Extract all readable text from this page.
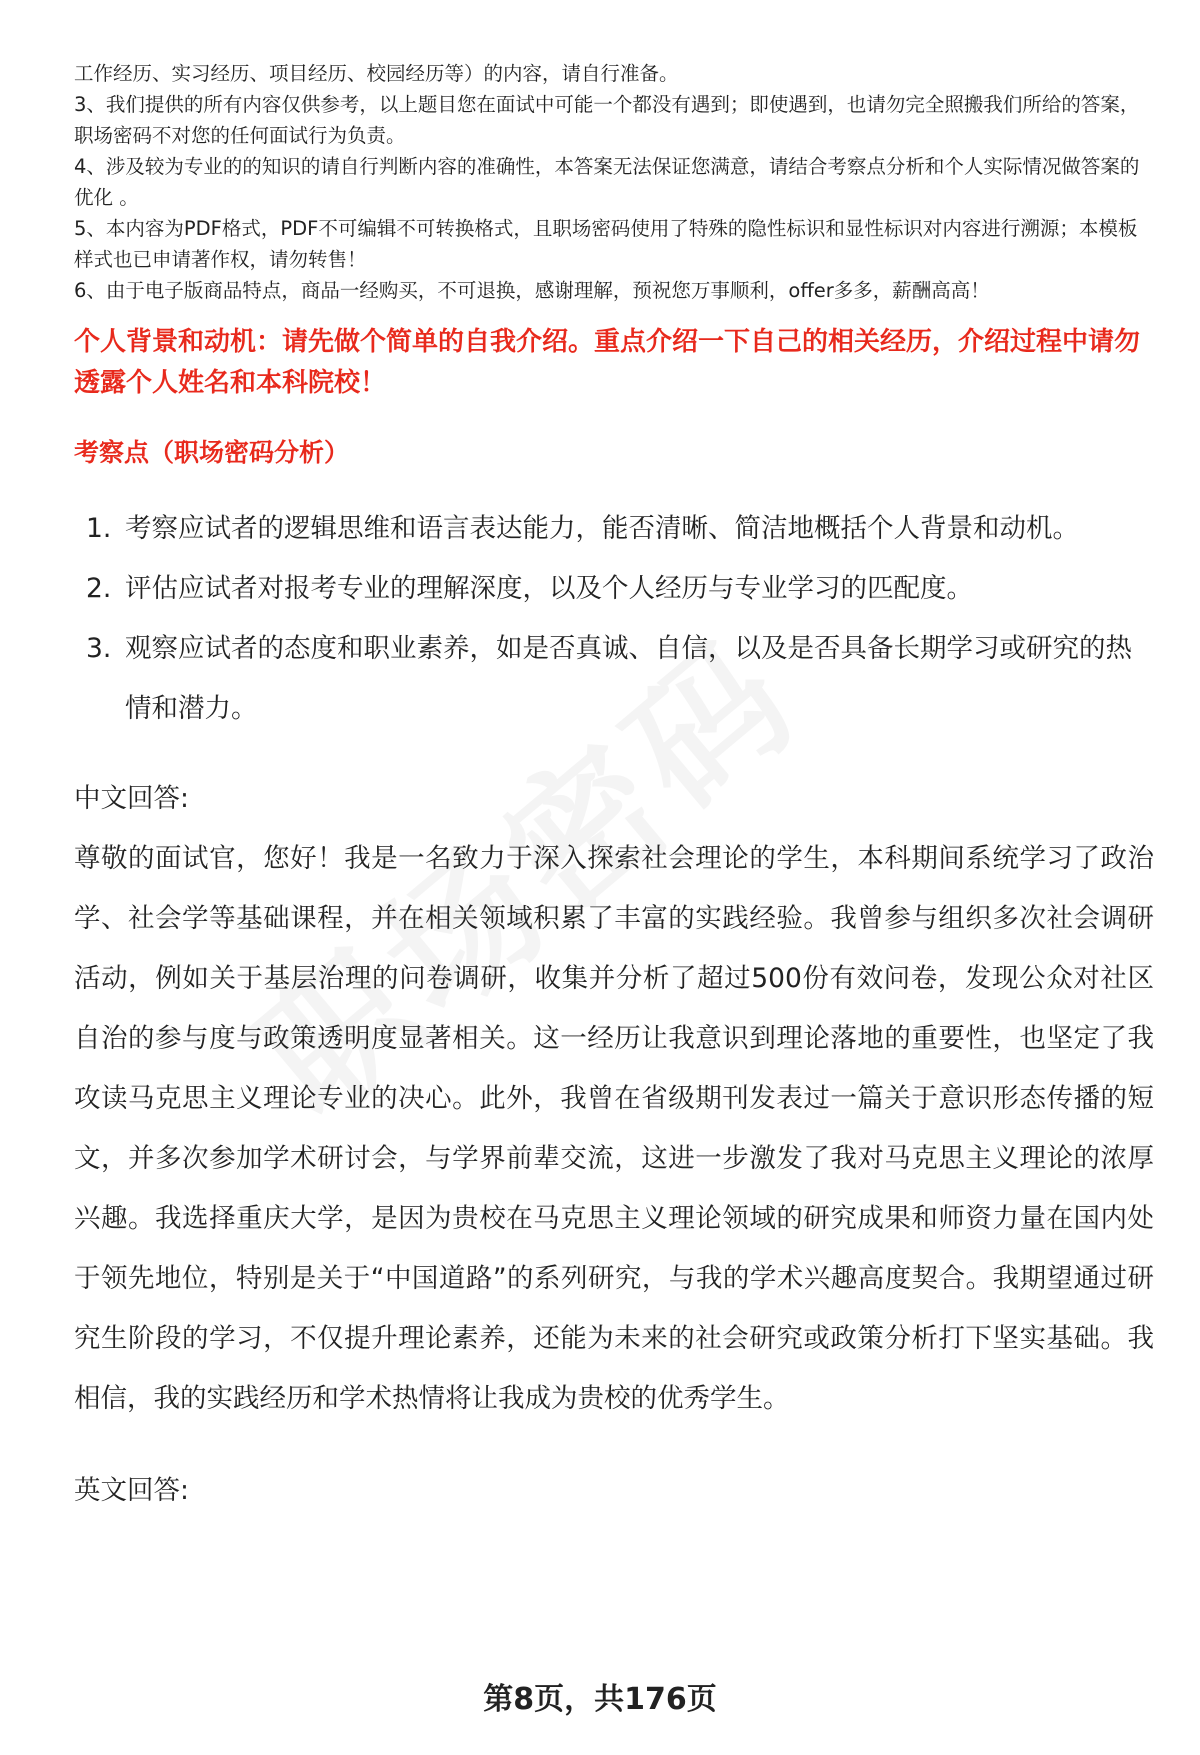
工作经历、实习经历、项目经历、校园经历等）的内容，请自行准备。

3、我们提供的所有内容仅供参考，以上题目您在面试中可能一个都没有遇到；即使遇到，也请勿完全照搬我们所给的答案，职场密码不对您的任何面试行为负责。

4、涉及较为专业的的知识的请自行判断内容的准确性，本答案无法保证您满意，请结合考察点分析和个人实际情况做答案的优化 。

5、本内容为PDF格式，PDF不可编辑不可转换格式，且职场密码使用了特殊的隐性标识和显性标识对内容进行溯源；本模板样式也已申请著作权，请勿转售！

6、由于电子版商品特点，商品一经购买，不可退换，感谢理解，预祝您万事顺利，offer多多，薪酬高高！

个人背景和动机：请先做个简单的自我介绍。重点介绍一下自己的相关经历，介绍过程中请勿透露个人姓名和本科院校！

考察点（职场密码分析）

1. 考察应试者的逻辑思维和语言表达能力，能否清晰、简洁地概括个人背景和动机。
2. 评估应试者对报考专业的理解深度，以及个人经历与专业学习的匹配度。
3. 观察应试者的态度和职业素养，如是否真诚、自信，以及是否具备长期学习或研究的热情和潜力。

中文回答:

尊敬的面试官，您好！我是一名致力于深入探索社会理论的学生，本科期间系统学习了政治学、社会学等基础课程，并在相关领域积累了丰富的实践经验。我曾参与组织多次社会调研活动，例如关于基层治理的问卷调研，收集并分析了超过500份有效问卷，发现公众对社区自治的参与度与政策透明度显著相关。这一经历让我意识到理论落地的重要性，也坚定了我攻读马克思主义理论专业的决心。此外，我曾在省级期刊发表过一篇关于意识形态传播的短文，并多次参加学术研讨会，与学界前辈交流，这进一步激发了我对马克思主义理论的浓厚兴趣。我选择重庆大学，是因为贵校在马克思主义理论领域的研究成果和师资力量在国内处于领先地位，特别是关于“中国道路”的系列研究，与我的学术兴趣高度契合。我期望通过研究生阶段的学习，不仅提升理论素养，还能为未来的社会研究或政策分析打下坚实基础。我相信，我的实践经历和学术热情将让我成为贵校的优秀学生。

英文回答:

第8页，共176页
